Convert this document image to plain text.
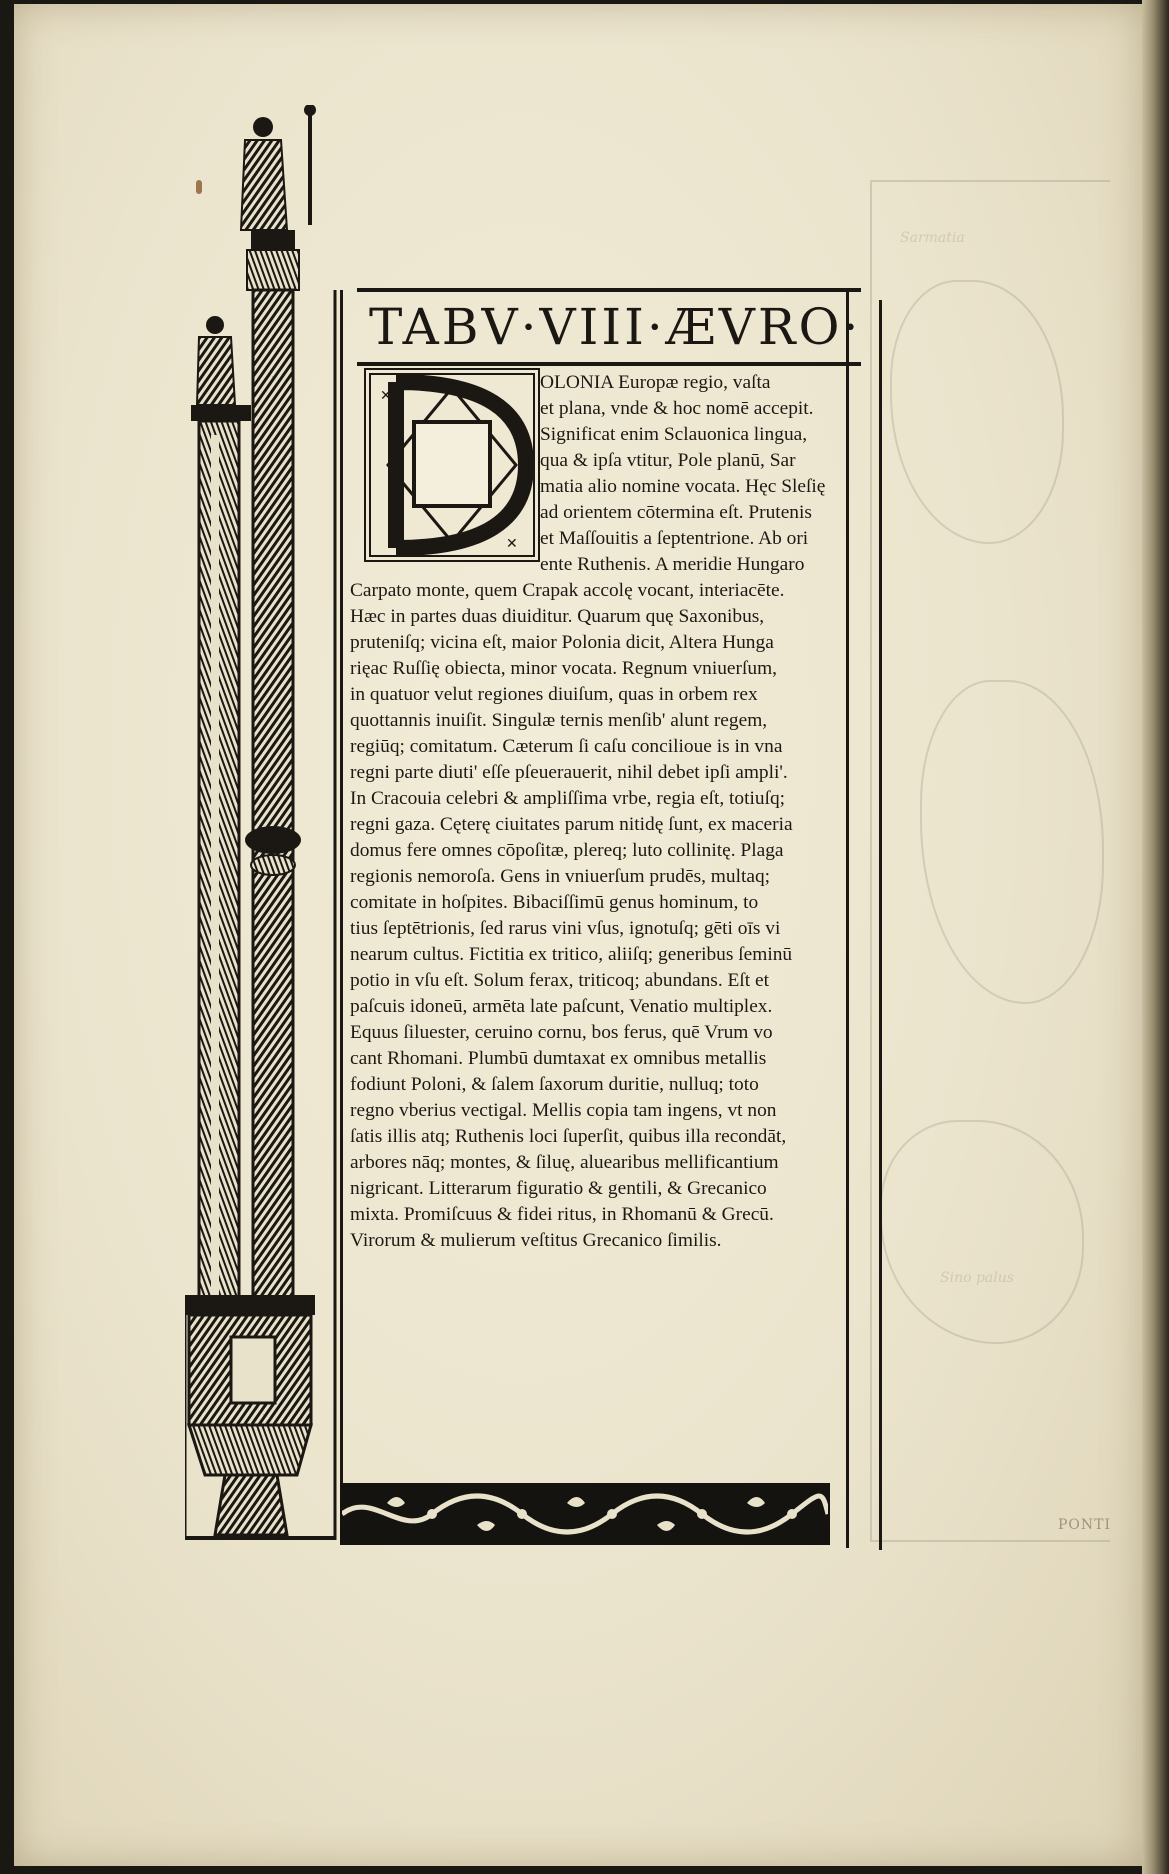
Sino palus
Sarmatia
PONTI
TABV·VIII·ÆVRO·
✕
✕
OLONIA Europæ regio, vaſta
et plana, vnde & hoc nomē accepit.
Significat enim Sclauonica lingua,
qua & ipſa vtitur, Pole planū, Sar
matia alio nomine vocata. Hęc Sleſię
ad orientem cōtermina eſt. Prutenis
et Maſſouitis a ſeptentrione. Ab ori
ente Ruthenis. A meridie Hungaro
Carpato monte, quem Crapak accolę vocant, interiacēte.
Hæc in partes duas diuiditur. Quarum quę Saxonibus,
pruteniſq; vicina eſt, maior Polonia dicit, Altera Hunga
rięac Ruſſię obiecta, minor vocata. Regnum vniuerſum,
in quatuor velut regiones diuiſum, quas in orbem rex
quottannis inuiſit. Singulæ ternis menſib' alunt regem,
regiūq; comitatum. Cæterum ſi caſu concilioue is in vna
regni parte diuti' eſſe pſeuerauerit, nihil debet ipſi ampli'.
In Cracouia celebri & ampliſſima vrbe, regia eſt, totiuſq;
regni gaza. Cęterę ciuitates parum nitidę ſunt, ex maceria
domus fere omnes cōpoſitæ, plereq; luto collinitę. Plaga
regionis nemoroſa. Gens in vniuerſum prudēs, multaq;
comitate in hoſpites. Bibaciſſimū genus hominum, to
tius ſeptētrionis, ſed rarus vini vſus, ignotuſq; gēti oīs vi
nearum cultus. Fictitia ex tritico, aliiſq; generibus ſeminū
potio in vſu eſt. Solum ferax, triticoq; abundans. Eſt et
paſcuis idoneū, armēta late paſcunt, Venatio multiplex.
Equus ſiluester, ceruino cornu, bos ferus, quē Vrum vo
cant Rhomani. Plumbū dumtaxat ex omnibus metallis
fodiunt Poloni, & ſalem ſaxorum duritie, nulluq; toto
regno vberius vectigal. Mellis copia tam ingens, vt non
ſatis illis atq; Ruthenis loci ſuperſit, quibus illa recondāt,
arbores nāq; montes, & ſiluę, aluearibus mellificantium
nigricant. Litterarum figuratio & gentili, & Grecanico
mixta. Promiſcuus & fidei ritus, in Rhomanū & Grecū.
Virorum & mulierum veſtitus Grecanico ſimilis.
